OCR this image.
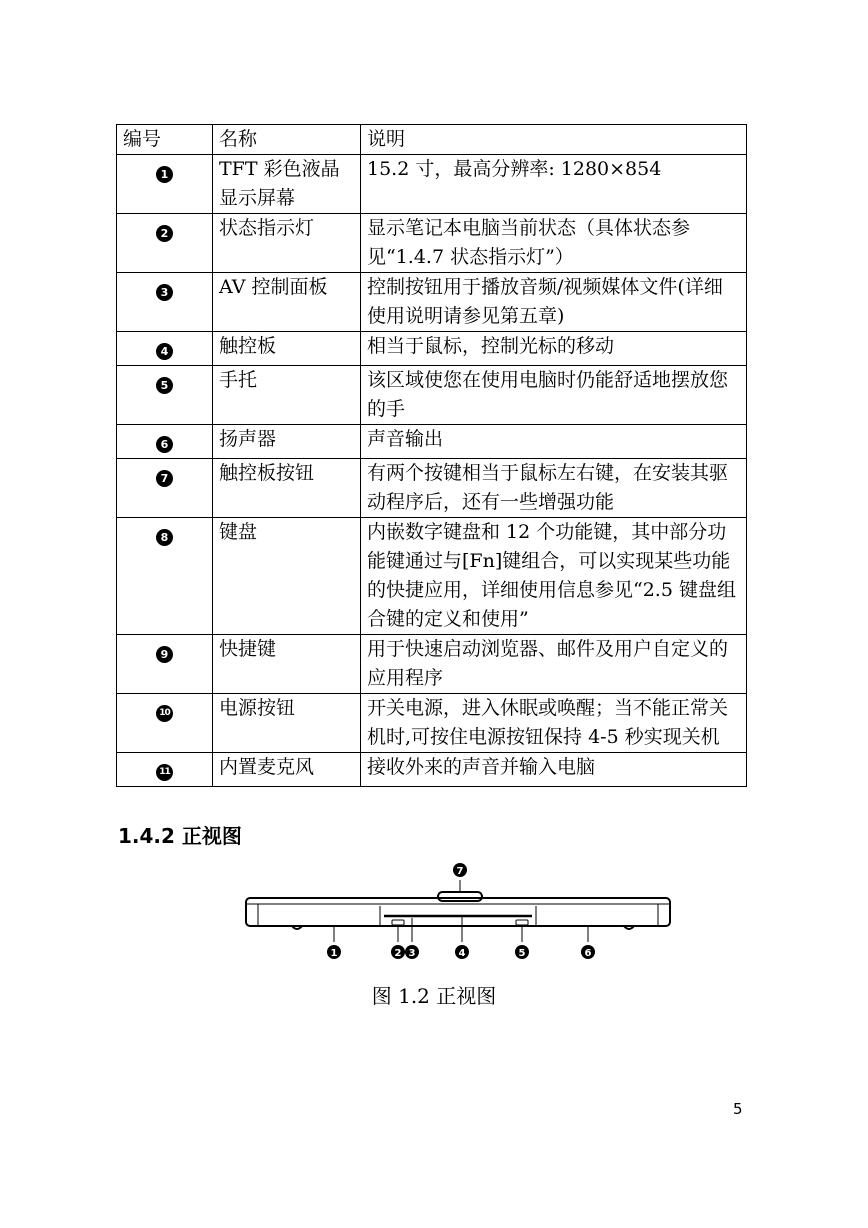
编号	名称	说明
1	TFT 彩色液晶显示屏幕	15.2 寸，最高分辨率: 1280×854
2	状态指示灯	显示笔记本电脑当前状态（具体状态参见“1.4.7 状态指示灯”）
3	AV 控制面板	控制按钮用于播放音频/视频媒体文件(详细使用说明请参见第五章)
4	触控板	相当于鼠标，控制光标的移动
5	手托	该区域使您在使用电脑时仍能舒适地摆放您的手
6	扬声器	声音输出
7	触控板按钮	有两个按键相当于鼠标左右键，在安装其驱动程序后，还有一些增强功能
8	键盘	内嵌数字键盘和 12 个功能键，其中部分功能键通过与[Fn]键组合，可以实现某些功能的快捷应用，详细使用信息参见“2.5 键盘组合键的定义和使用”
9	快捷键	用于快速启动浏览器、邮件及用户自定义的应用程序
10	电源按钮	开关电源，进入休眠或唤醒；当不能正常关机时,可按住电源按钮保持 4-5 秒实现关机
11	内置麦克风	接收外来的声音并输入电脑
1.4.2 正视图
7
1	2 3	4	5	6
图 1.2 正视图
5
